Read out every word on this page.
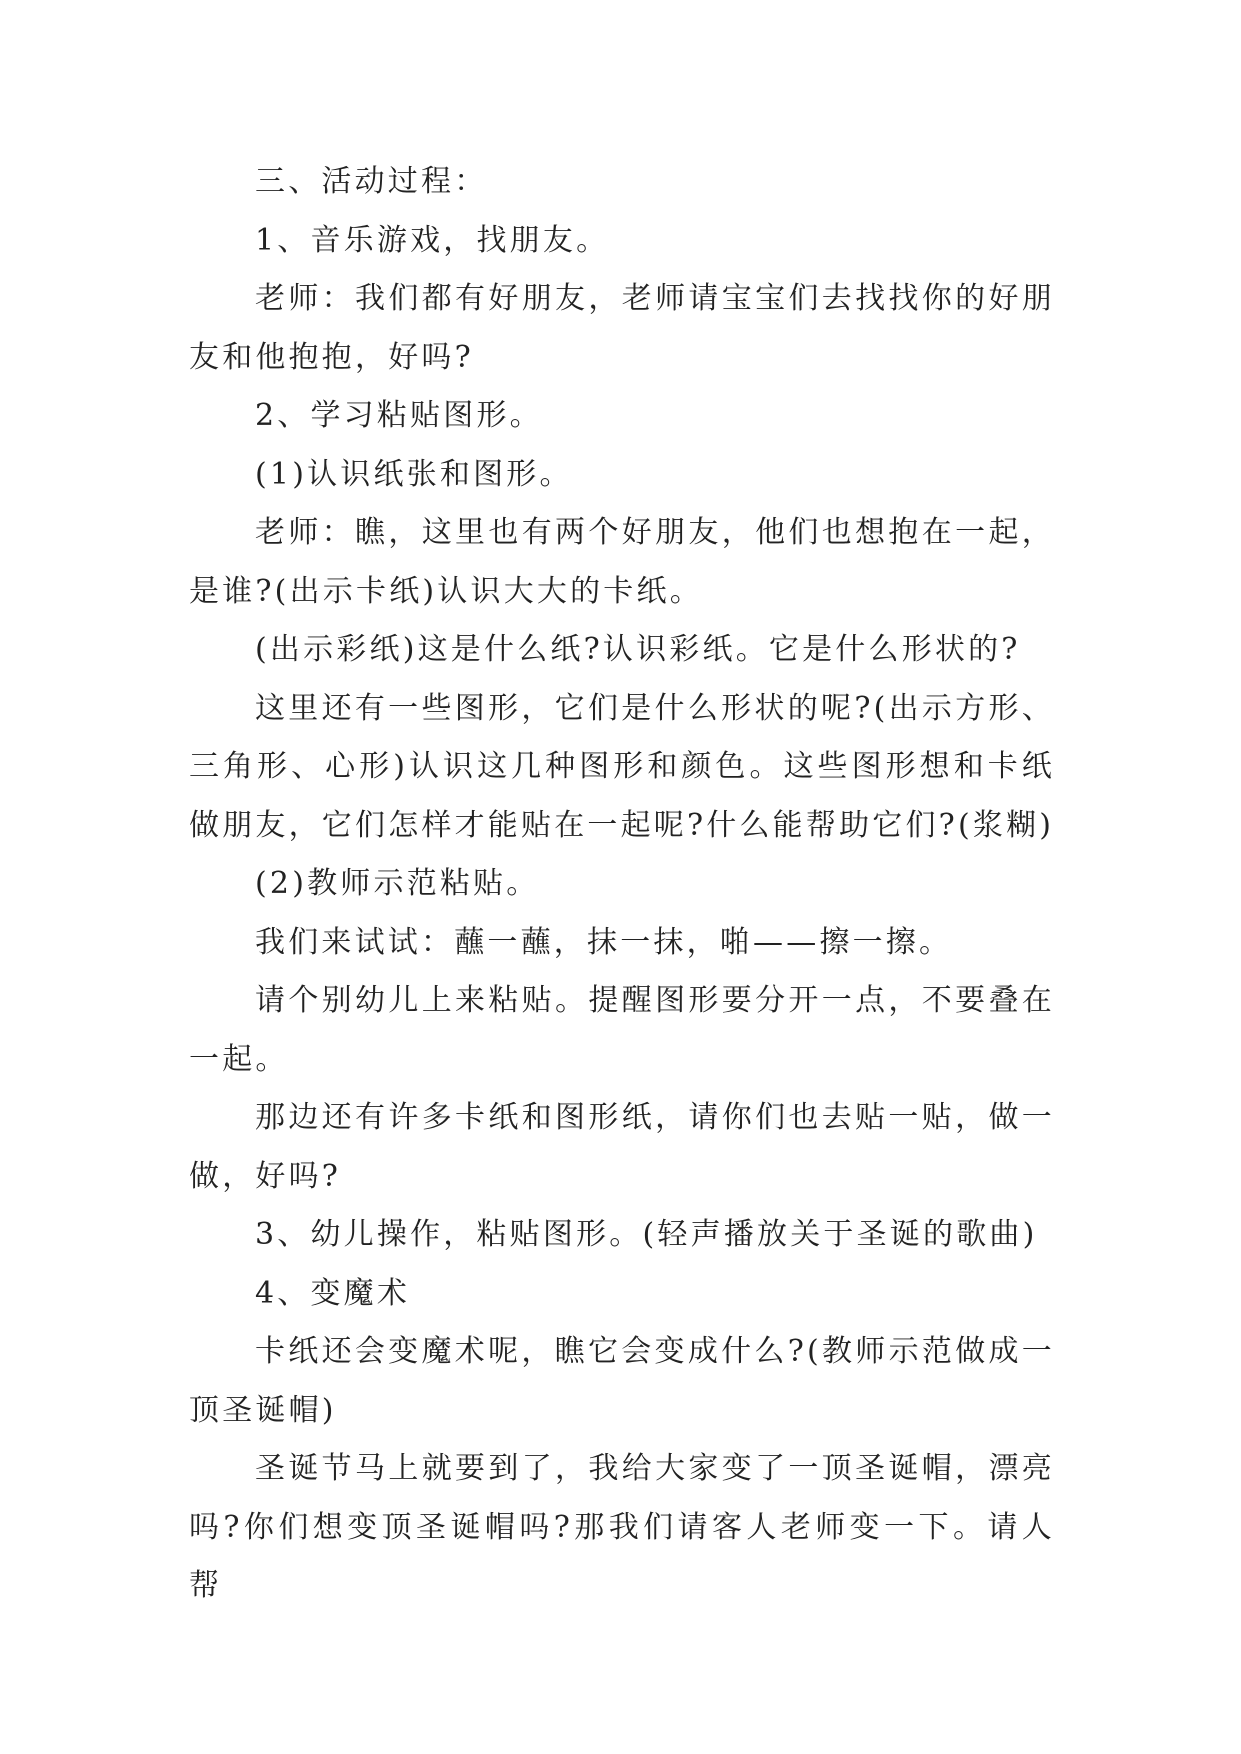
三、活动过程：

1、音乐游戏，找朋友。

老师：我们都有好朋友，老师请宝宝们去找找你的好朋友和他抱抱，好吗?

2、学习粘贴图形。

(1)认识纸张和图形。

老师：瞧，这里也有两个好朋友，他们也想抱在一起，是谁?(出示卡纸)认识大大的卡纸。

(出示彩纸)这是什么纸?认识彩纸。它是什么形状的?

这里还有一些图形，它们是什么形状的呢?(出示方形、三角形、心形)认识这几种图形和颜色。这些图形想和卡纸做朋友，它们怎样才能贴在一起呢?什么能帮助它们?(浆糊)

(2)教师示范粘贴。

我们来试试：蘸一蘸，抹一抹，啪——擦一擦。

请个别幼儿上来粘贴。提醒图形要分开一点，不要叠在一起。

那边还有许多卡纸和图形纸，请你们也去贴一贴，做一做，好吗?

3、幼儿操作，粘贴图形。(轻声播放关于圣诞的歌曲)

4、变魔术

卡纸还会变魔术呢，瞧它会变成什么?(教师示范做成一顶圣诞帽)

圣诞节马上就要到了，我给大家变了一顶圣诞帽，漂亮吗?你们想变顶圣诞帽吗?那我们请客人老师变一下。请人帮
